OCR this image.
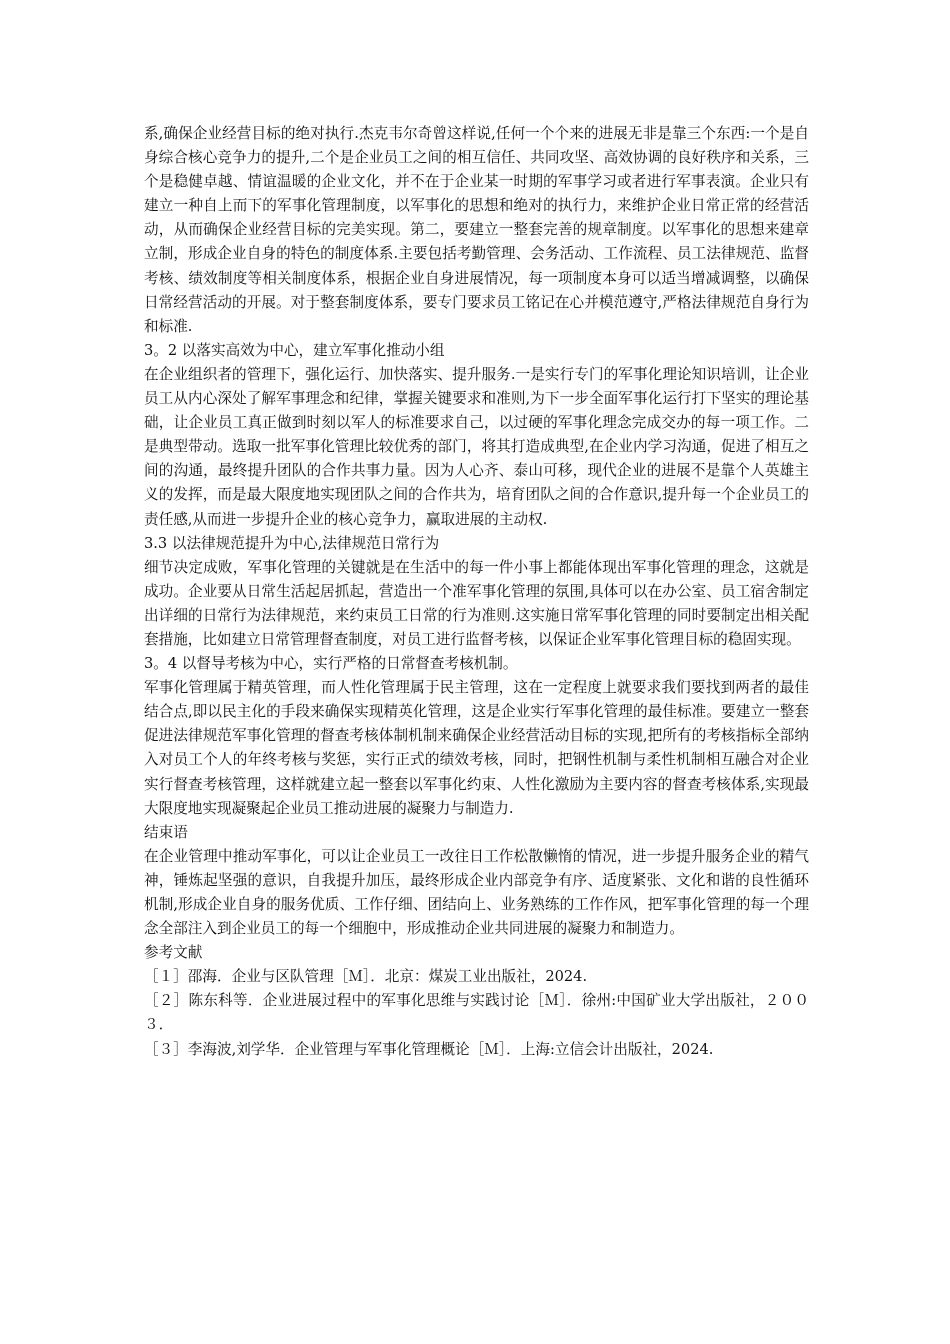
系,确保企业经营目标的绝对执行.杰克韦尔奇曾这样说,任何一个个来的进展无非是靠三个东西:一个是自身综合核心竞争力的提升,二个是企业员工之间的相互信任、共同攻坚、高效协调的良好秩序和关系，三个是稳健卓越、情谊温暖的企业文化，并不在于企业某一时期的军事学习或者进行军事表演。企业只有建立一种自上而下的军事化管理制度，以军事化的思想和绝对的执行力，来维护企业日常正常的经营活动，从而确保企业经营目标的完美实现。第二，要建立一整套完善的规章制度。以军事化的思想来建章立制，形成企业自身的特色的制度体系.主要包括考勤管理、会务活动、工作流程、员工法律规范、监督考核、绩效制度等相关制度体系，根据企业自身进展情况，每一项制度本身可以适当增减调整，以确保日常经营活动的开展。对于整套制度体系，要专门要求员工铭记在心并模范遵守,严格法律规范自身行为和标准.

3。2 以落实高效为中心，建立军事化推动小组

在企业组织者的管理下，强化运行、加快落实、提升服务.一是实行专门的军事化理论知识培训，让企业员工从内心深处了解军事理念和纪律，掌握关键要求和准则,为下一步全面军事化运行打下坚实的理论基础，让企业员工真正做到时刻以军人的标准要求自己，以过硬的军事化理念完成交办的每一项工作。二是典型带动。选取一批军事化管理比较优秀的部门，将其打造成典型,在企业内学习沟通，促进了相互之间的沟通，最终提升团队的合作共事力量。因为人心齐、泰山可移，现代企业的进展不是靠个人英雄主义的发挥，而是最大限度地实现团队之间的合作共为，培育团队之间的合作意识,提升每一个企业员工的责任感,从而进一步提升企业的核心竞争力，赢取进展的主动权.

3.3 以法律规范提升为中心,法律规范日常行为

细节决定成败，军事化管理的关键就是在生活中的每一件小事上都能体现出军事化管理的理念，这就是成功。企业要从日常生活起居抓起，营造出一个准军事化管理的氛围,具体可以在办公室、员工宿舍制定出详细的日常行为法律规范，来约束员工日常的行为准则.这实施日常军事化管理的同时要制定出相关配套措施，比如建立日常管理督查制度，对员工进行监督考核，以保证企业军事化管理目标的稳固实现。

3。4 以督导考核为中心，实行严格的日常督查考核机制。

军事化管理属于精英管理，而人性化管理属于民主管理，这在一定程度上就要求我们要找到两者的最佳结合点,即以民主化的手段来确保实现精英化管理，这是企业实行军事化管理的最佳标准。要建立一整套促进法律规范军事化管理的督查考核体制机制来确保企业经营活动目标的实现,把所有的考核指标全部纳入对员工个人的年终考核与奖惩，实行正式的绩效考核，同时，把钢性机制与柔性机制相互融合对企业实行督查考核管理，这样就建立起一整套以军事化约束、人性化激励为主要内容的督查考核体系,实现最大限度地实现凝聚起企业员工推动进展的凝聚力与制造力.

结束语

在企业管理中推动军事化，可以让企业员工一改往日工作松散懒惰的情况，进一步提升服务企业的精气神，锤炼起坚强的意识，自我提升加压，最终形成企业内部竞争有序、适度紧张、文化和谐的良性循环机制,形成企业自身的服务优质、工作仔细、团结向上、业务熟练的工作作风，把军事化管理的每一个理念全部注入到企业员工的每一个细胞中，形成推动企业共同进展的凝聚力和制造力。

参考文献

［１］邵海．企业与区队管理［Ｍ］．北京：煤炭工业出版社，2024.

［２］陈东科等．企业进展过程中的军事化思维与实践讨论［Ｍ］．徐州:中国矿业大学出版社，２００３．

［３］李海波,刘学华．企业管理与军事化管理概论［Ｍ］．上海:立信会计出版社，2024.
